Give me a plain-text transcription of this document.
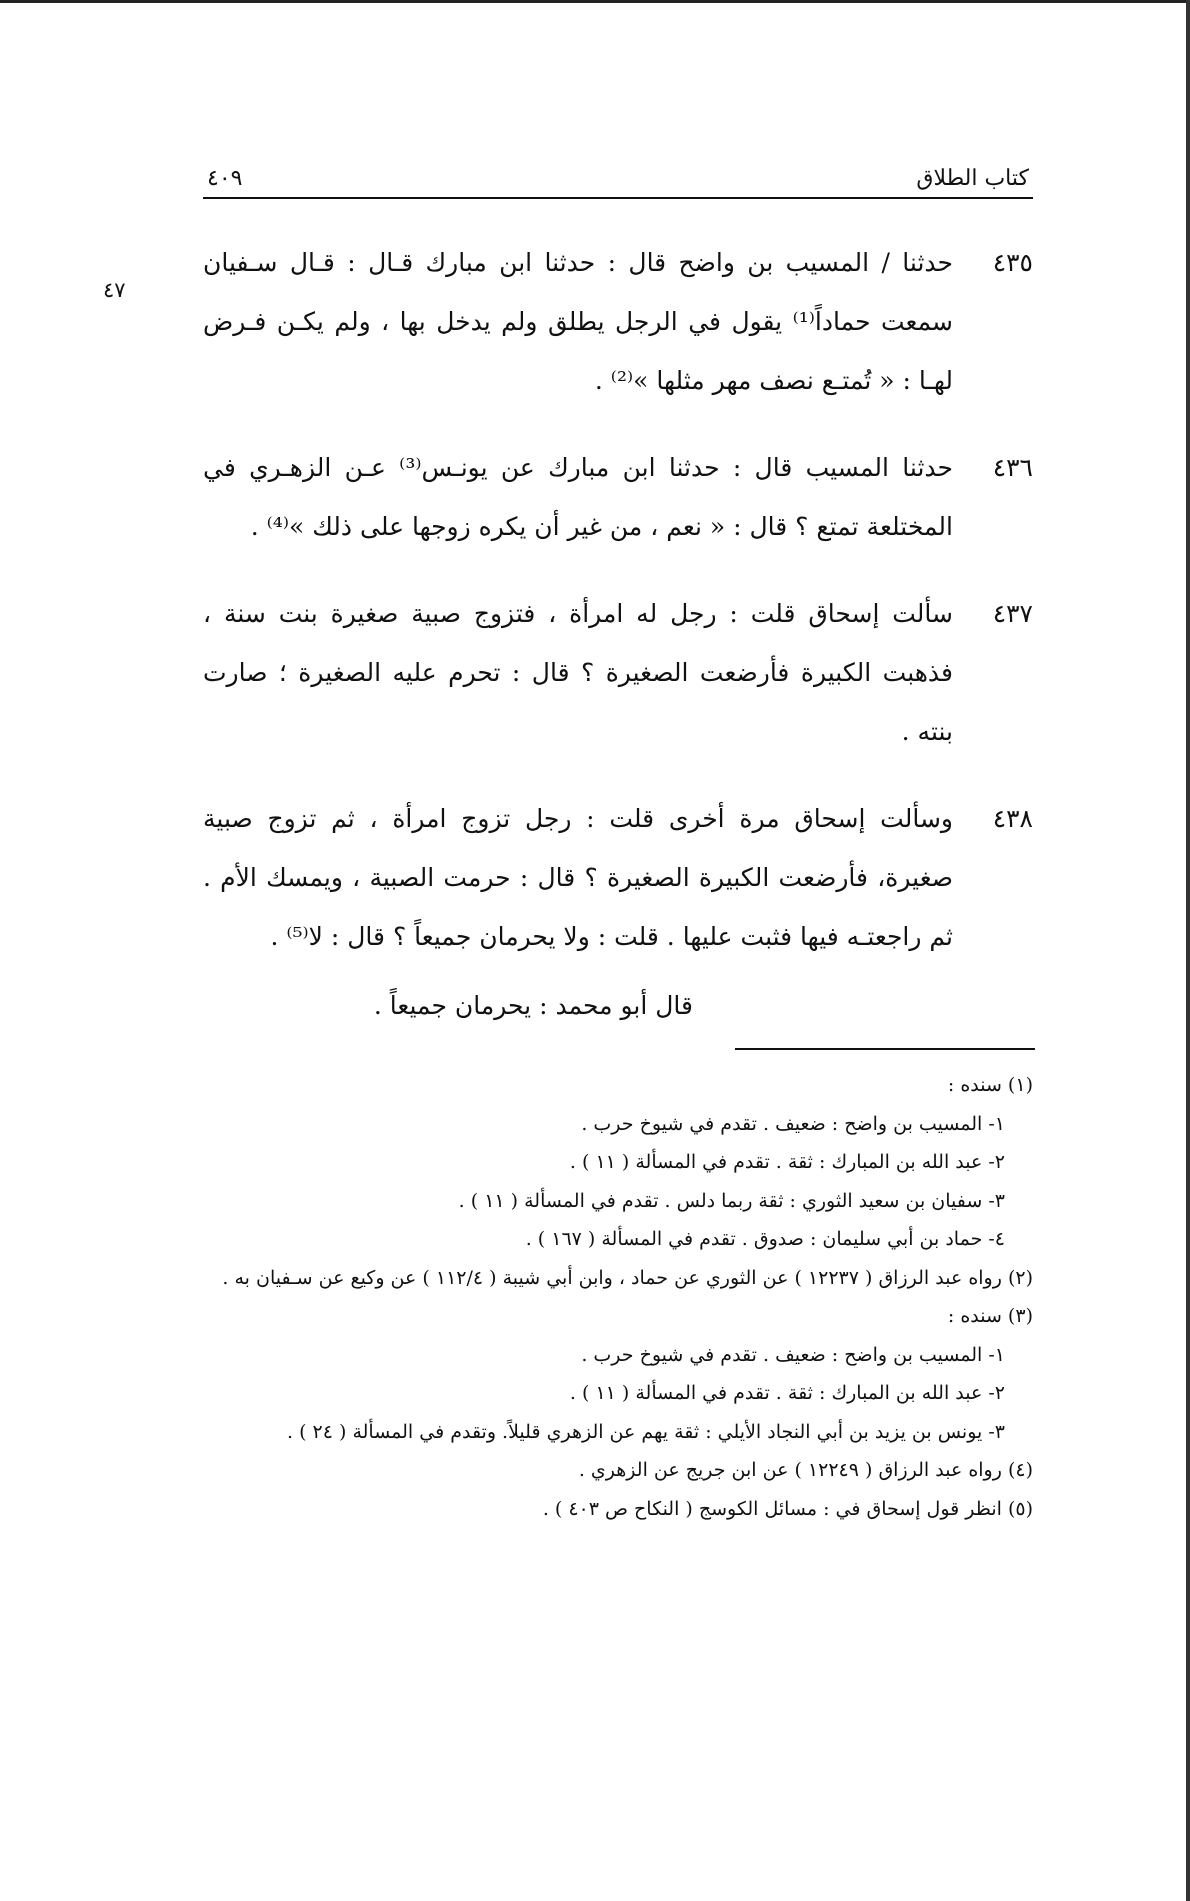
٤٧
كتاب الطلاق
٤٠٩
٤٣٥
حدثنا / المسيب بن واضح قال : حدثنا ابن مبارك قـال : قـال سـفيان سمعت حماداً⁽¹⁾ يقول في الرجل يطلق ولم يدخل بها ، ولم يكـن فـرض لهـا : « تُمتـع نصف مهر مثلها »⁽²⁾ .
٤٣٦
حدثنا المسيب قال : حدثنا ابن مبارك عن يونـس⁽³⁾ عـن الزهـري في المختلعة تمتع ؟ قال : « نعم ، من غير أن يكره زوجها على ذلك »⁽⁴⁾ .
٤٣٧
سألت إسحاق قلت : رجل له امرأة ، فتزوج صبية صغيرة بنت سنة ، فذهبت الكبيرة فأرضعت الصغيرة ؟ قال : تحرم عليه الصغيرة ؛ صارت بنته .
٤٣٨
وسألت إسحاق مرة أخرى قلت : رجل تزوج امرأة ، ثم تزوج صبية صغيرة، فأرضعت الكبيرة الصغيرة ؟ قال : حرمت الصبية ، ويمسك الأم . ثم راجعتـه فيها فثبت عليها . قلت : ولا يحرمان جميعاً ؟ قال : لا⁽⁵⁾ .
قال أبو محمد : يحرمان جميعاً .
(١) سنده :
١- المسيب بن واضح : ضعيف . تقدم في شيوخ حرب .
٢- عبد الله بن المبارك : ثقة . تقدم في المسألة ( ١١ ) .
٣- سفيان بن سعيد الثوري : ثقة ربما دلس . تقدم في المسألة ( ١١ ) .
٤- حماد بن أبي سليمان : صدوق . تقدم في المسألة ( ١٦٧ ) .
(٢) رواه عبد الرزاق ( ١٢٢٣٧ ) عن الثوري عن حماد ، وابن أبي شيبة ( ١١٢/٤ ) عن وكيع عن سـفيان به .
(٣) سنده :
١- المسيب بن واضح : ضعيف . تقدم في شيوخ حرب .
٢- عبد الله بن المبارك : ثقة . تقدم في المسألة ( ١١ ) .
٣- يونس بن يزيد بن أبي النجاد الأيلي : ثقة يهم عن الزهري قليلاً. وتقدم في المسألة ( ٢٤ ) .
(٤) رواه عبد الرزاق ( ١٢٢٤٩ ) عن ابن جريج عن الزهري .
(٥) انظر قول إسحاق في : مسائل الكوسج ( النكاح ص ٤٠٣ ) .
